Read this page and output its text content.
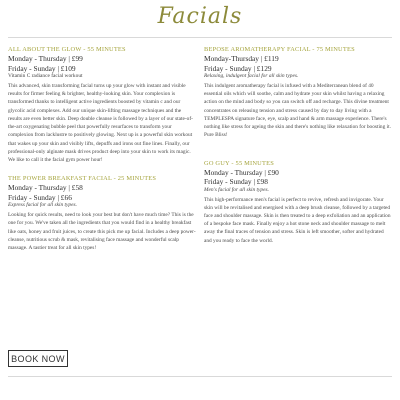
Facials

ALL ABOUT THE GLOW - 55 MINUTES

Monday - Thursday | £99

Friday - Sunday | £109

Vitamin C radiance facial workout

This advanced, skin transforming facial turns up your glow with instant and visible results for firmer feeling & brighter, healthy-looking skin. Your complexion is transformed thanks to intelligent active ingredients boosted by vitamin c and our glycolic acid complexes. Add our unique skin-lifting massage techniques and the results are even better skin. Deep double cleanse is followed by a layer of our state-of-the-art oxygenating bubble peel that powerfully resurfaces to transform your complexion from lacklustre to positively glowing. Next up is a powerful skin workout that wakes up your skin and visibly lifts, depuffs and irons out fine lines. Finally, our professional-only alginate mask drives product deep into your skin to work its magic. We like to call it the facial gym power hour!

THE POWER BREAKFAST FACIAL - 25 MINUTES

Monday - Thursday | £58

Friday - Sunday | £66

Express facial for all skin types.

Looking for quick results, need to look your best but don't have much time? This is the one for you. We've taken all the ingredients that you would find in a healthy breakfast like oats, honey and fruit juices, to create this pick me up facial. Includes a deep power-cleanse, nutritious scrub & mask, revitalising face massage and wonderful scalp massage. A tastier treat for all skin types!

BEPOSE AROMATHERAPY FACIAL - 75 MINUTES

Monday-Thursday | £119

Friday - Sunday | £129

Relaxing, indulgent facial for all skin types.

This indulgent aromatherapy facial is infused with a Mediterranean blend of 40 essential oils which will soothe, calm and hydrate your skin whilst having a relaxing action on the mind and body so you can switch off and recharge. This divine treatment concentrates on releasing tension and stress caused by day to day living with a TEMPLESPA signature face, eye, scalp and hand & arm massage experience. There's nothing like stress for ageing the skin and there's nothing like relaxation for boosting it. Pure Bliss!

GO GUY - 55 MINUTES

Monday - Thursday | £90

Friday - Sunday | £98

Men's facial for all skin types.

This high-performance men's facial is perfect to revive, refresh and invigorate. Your skin will be revitalised and energised with a deep brush cleanse, followed by a targeted face and shoulder massage. Skin is then treated to a deep exfoliation and an application of a bespoke face mask. Finally enjoy a hot stone neck and shoulder massage to melt away the final traces of tension and stress. Skin is left smoother, softer and hydrated and you ready to face the world.

BOOK NOW
